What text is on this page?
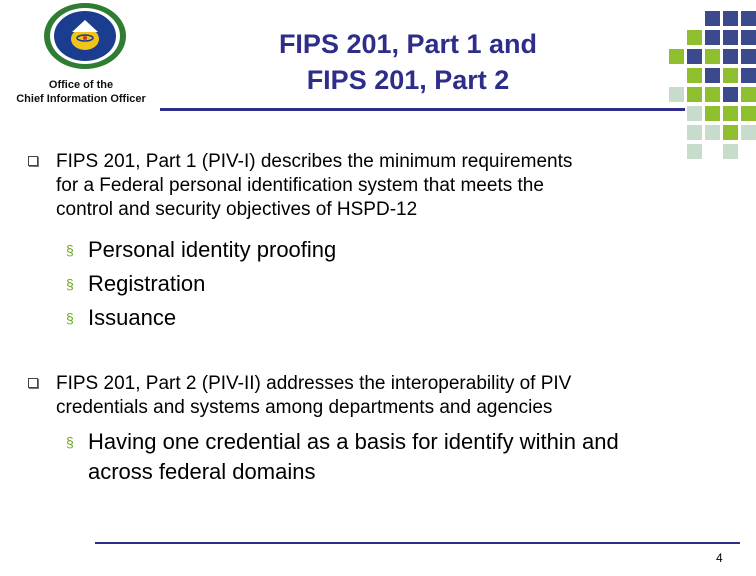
Office of the
Chief Information Officer
FIPS 201, Part 1 and
FIPS 201, Part 2
FIPS 201, Part 1 (PIV-I) describes the minimum requirements
for a Federal personal identification system that meets the
control and security objectives of HSPD-12
§ Personal identity proofing
§ Registration
§ Issuance
FIPS 201, Part 2 (PIV-II) addresses the interoperability of PIV
credentials and systems among departments and agencies
§ Having one credential as a basis for identify within and
across federal domains
4
